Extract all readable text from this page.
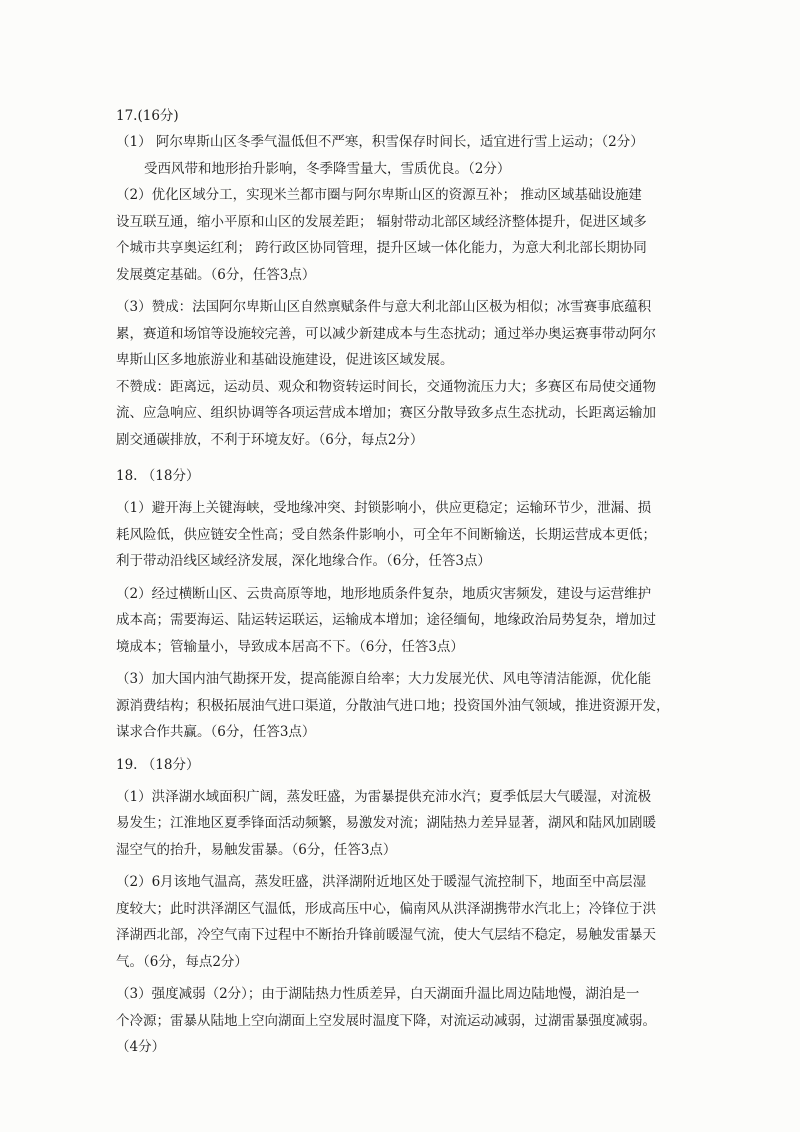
17.(16分)
（1） 阿尔卑斯山区冬季气温低但不严寒，积雪保存时间长，适宜进行雪上运动；（2分）
受西风带和地形抬升影响，冬季降雪量大，雪质优良。（2分）
（2）优化区域分工，实现米兰都市圈与阿尔卑斯山区的资源互补； 推动区域基础设施建
设互联互通，缩小平原和山区的发展差距； 辐射带动北部区域经济整体提升，促进区域多
个城市共享奥运红利； 跨行政区协同管理，提升区域一体化能力，为意大利北部长期协同
发展奠定基础。（6分，任答3点）
（3）赞成：法国阿尔卑斯山区自然禀赋条件与意大利北部山区极为相似；冰雪赛事底蕴积
累，赛道和场馆等设施较完善，可以减少新建成本与生态扰动；通过举办奥运赛事带动阿尔
卑斯山区多地旅游业和基础设施建设，促进该区域发展。
不赞成：距离远，运动员、观众和物资转运时间长，交通物流压力大；多赛区布局使交通物
流、应急响应、组织协调等各项运营成本增加；赛区分散导致多点生态扰动，长距离运输加
剧交通碳排放，不利于环境友好。（6分，每点2分）
18. （18分）
（1）避开海上关键海峡，受地缘冲突、封锁影响小，供应更稳定；运输环节少，泄漏、损
耗风险低，供应链安全性高；受自然条件影响小，可全年不间断输送，长期运营成本更低；
利于带动沿线区域经济发展，深化地缘合作。（6分，任答3点）
（2）经过横断山区、云贵高原等地，地形地质条件复杂，地质灾害频发，建设与运营维护
成本高；需要海运、陆运转运联运，运输成本增加；途径缅甸，地缘政治局势复杂，增加过
境成本；管输量小，导致成本居高不下。（6分，任答3点）
（3）加大国内油气勘探开发，提高能源自给率；大力发展光伏、风电等清洁能源，优化能
源消费结构；积极拓展油气进口渠道，分散油气进口地；投资国外油气领域，推进资源开发，
谋求合作共赢。（6分，任答3点）
19. （18分）
（1）洪泽湖水域面积广阔，蒸发旺盛，为雷暴提供充沛水汽；夏季低层大气暖湿，对流极
易发生；江淮地区夏季锋面活动频繁，易激发对流；湖陆热力差异显著，湖风和陆风加剧暖
湿空气的抬升，易触发雷暴。（6分，任答3点）
（2）6月该地气温高，蒸发旺盛，洪泽湖附近地区处于暖湿气流控制下，地面至中高层湿
度较大；此时洪泽湖区气温低，形成高压中心，偏南风从洪泽湖携带水汽北上；冷锋位于洪
泽湖西北部，冷空气南下过程中不断抬升锋前暖湿气流，使大气层结不稳定，易触发雷暴天
气。（6分，每点2分）
（3）强度减弱（2分）；由于湖陆热力性质差异，白天湖面升温比周边陆地慢，湖泊是一
个冷源；雷暴从陆地上空向湖面上空发展时温度下降，对流运动减弱，过湖雷暴强度减弱。
（4分）
